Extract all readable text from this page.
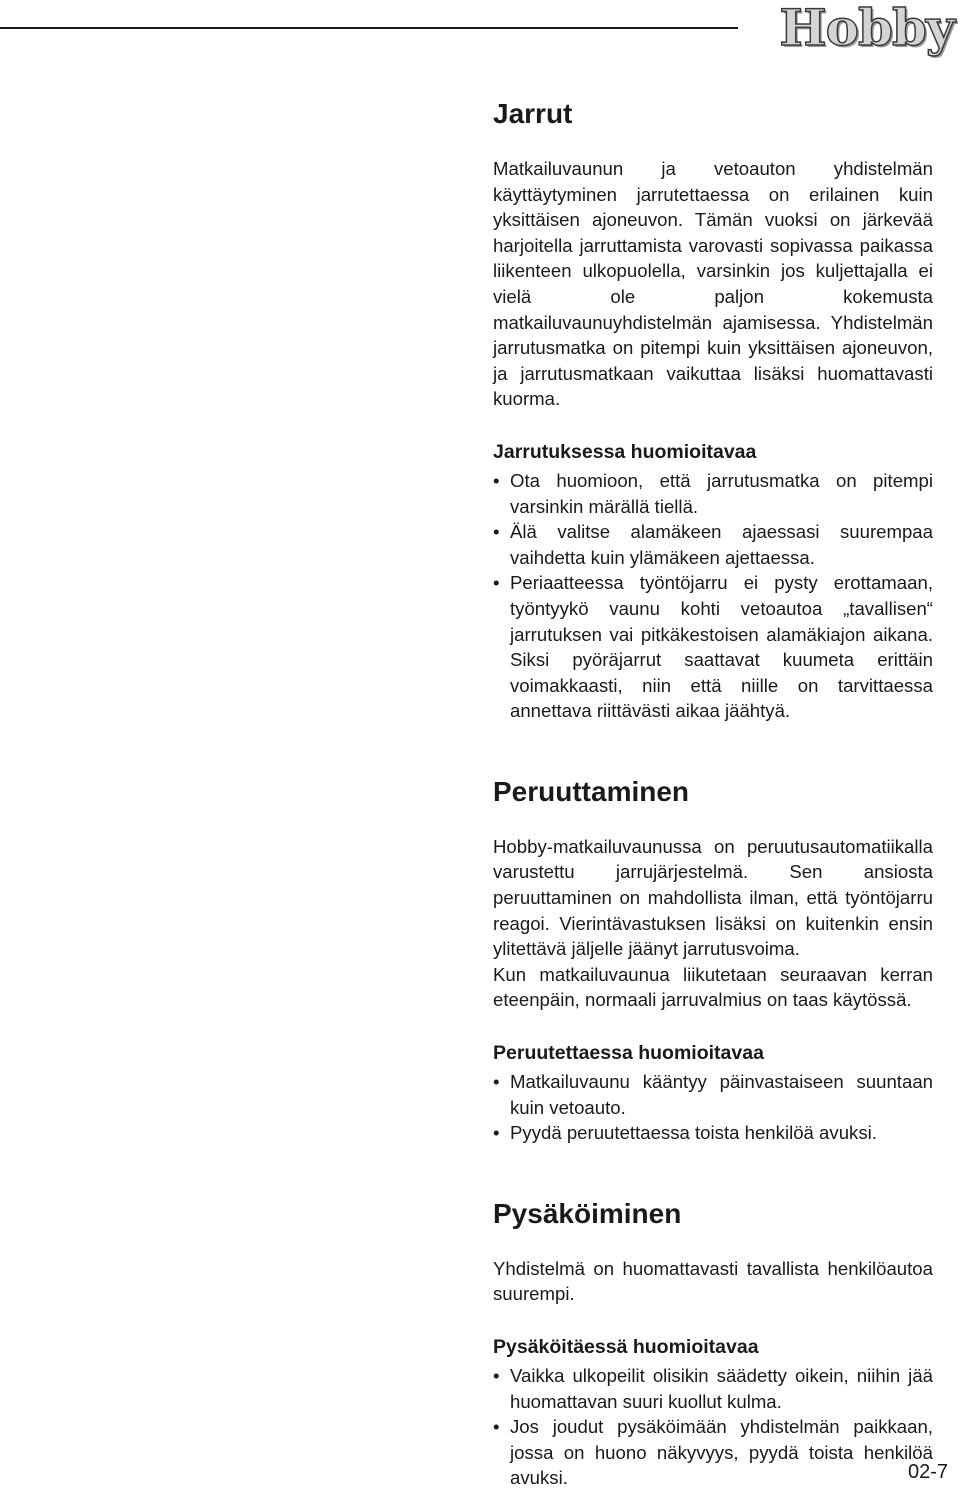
Hobby
Jarrut

Matkailuvaunun ja vetoauton yhdistelmän käyttäytyminen jarrutettaessa on erilainen kuin yksittäisen ajoneuvon. Tämän vuoksi on järkevää harjoitella jarruttamista varovasti sopivassa paikassa liikenteen ulkopuolella, varsinkin jos kuljettajalla ei vielä ole paljon kokemusta matkailuvaunuyhdistelmän ajamisessa. Yhdistelmän jarrutusmatka on pitempi kuin yksittäisen ajoneuvon, ja jarrutusmatkaan vaikuttaa lisäksi huomattavasti kuorma.

Jarrutuksessa huomioitavaa
• Ota huomioon, että jarrutusmatka on pitempi varsinkin märällä tiellä.
• Älä valitse alamäkeen ajaessasi suurempaa vaihdetta kuin ylämäkeen ajettaessa.
• Periaatteessa työntöjarru ei pysty erottamaan, työntyykö vaunu kohti vetoautoa „tavallisen“ jarrutuksen vai pitkäkestoisen alamäkiajon aikana. Siksi pyöräjarrut saattavat kuumeta erittäin voimakkaasti, niin että niille on tarvittaessa annettava riittävästi aikaa jäähtyä.
Peruuttaminen

Hobby-matkailuvaunussa on peruutusautomatiikalla varustettu jarrujärjestelmä. Sen ansiosta peruuttaminen on mahdollista ilman, että työntöjarru reagoi. Vierintävastuksen lisäksi on kuitenkin ensin ylitettävä jäljelle jäänyt jarrutusvoima.

Kun matkailuvaunua liikutetaan seuraavan kerran eteenpäin, normaali jarruvalmius on taas käytössä.

Peruutettaessa huomioitavaa
• Matkailuvaunu kääntyy päinvastaiseen suuntaan kuin vetoauto.
• Pyydä peruutettaessa toista henkilöä avuksi.
Pysäköiminen

Yhdistelmä on huomattavasti tavallista henkilöautoa suurempi.

Pysäköitäessä huomioitavaa
• Vaikka ulkopeilit olisikin säädetty oikein, niihin jää huomattavan suuri kuollut kulma.
• Jos joudut pysäköimään yhdistelmän paikkaan, jossa on huono näkyvyys, pyydä toista henkilöä avuksi.	02-7
